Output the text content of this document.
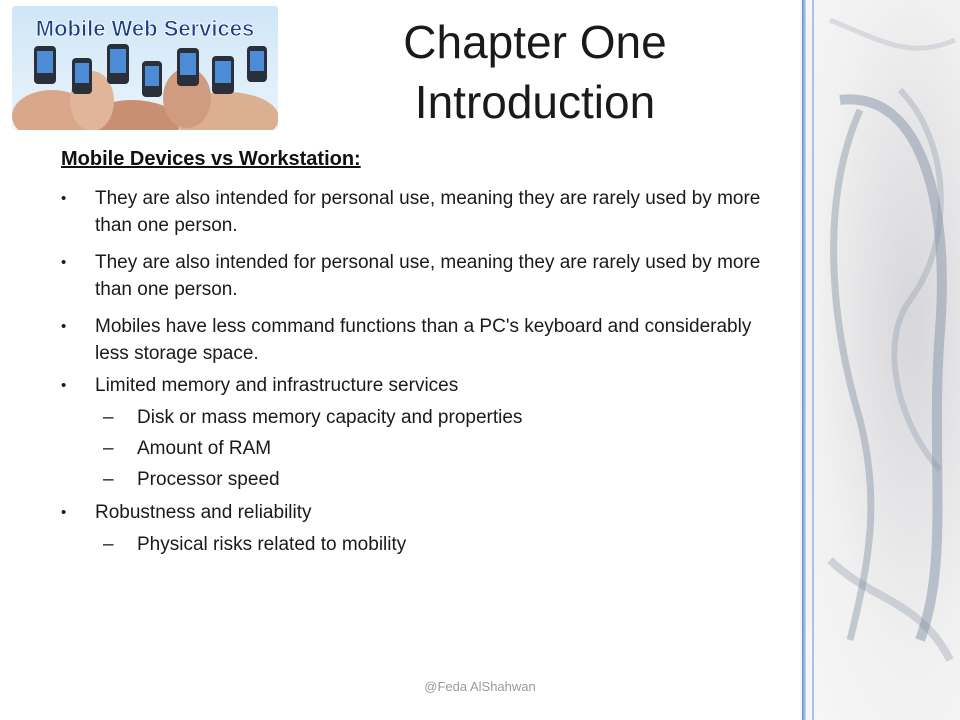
Mobile Web Services	Chapter One
Introduction
Mobile Devices vs Workstation:
• They are also intended for personal use, meaning they are rarely used by more than one person.
• They are also intended for personal use, meaning they are rarely used by more than one person.
• Mobiles have less command functions than a PC's keyboard and considerably less storage space.
• Limited memory and infrastructure services
– Disk or mass memory capacity and properties
– Amount of RAM
– Processor speed
• Robustness and reliability
– Physical risks related to mobility
@Feda AlShahwan
